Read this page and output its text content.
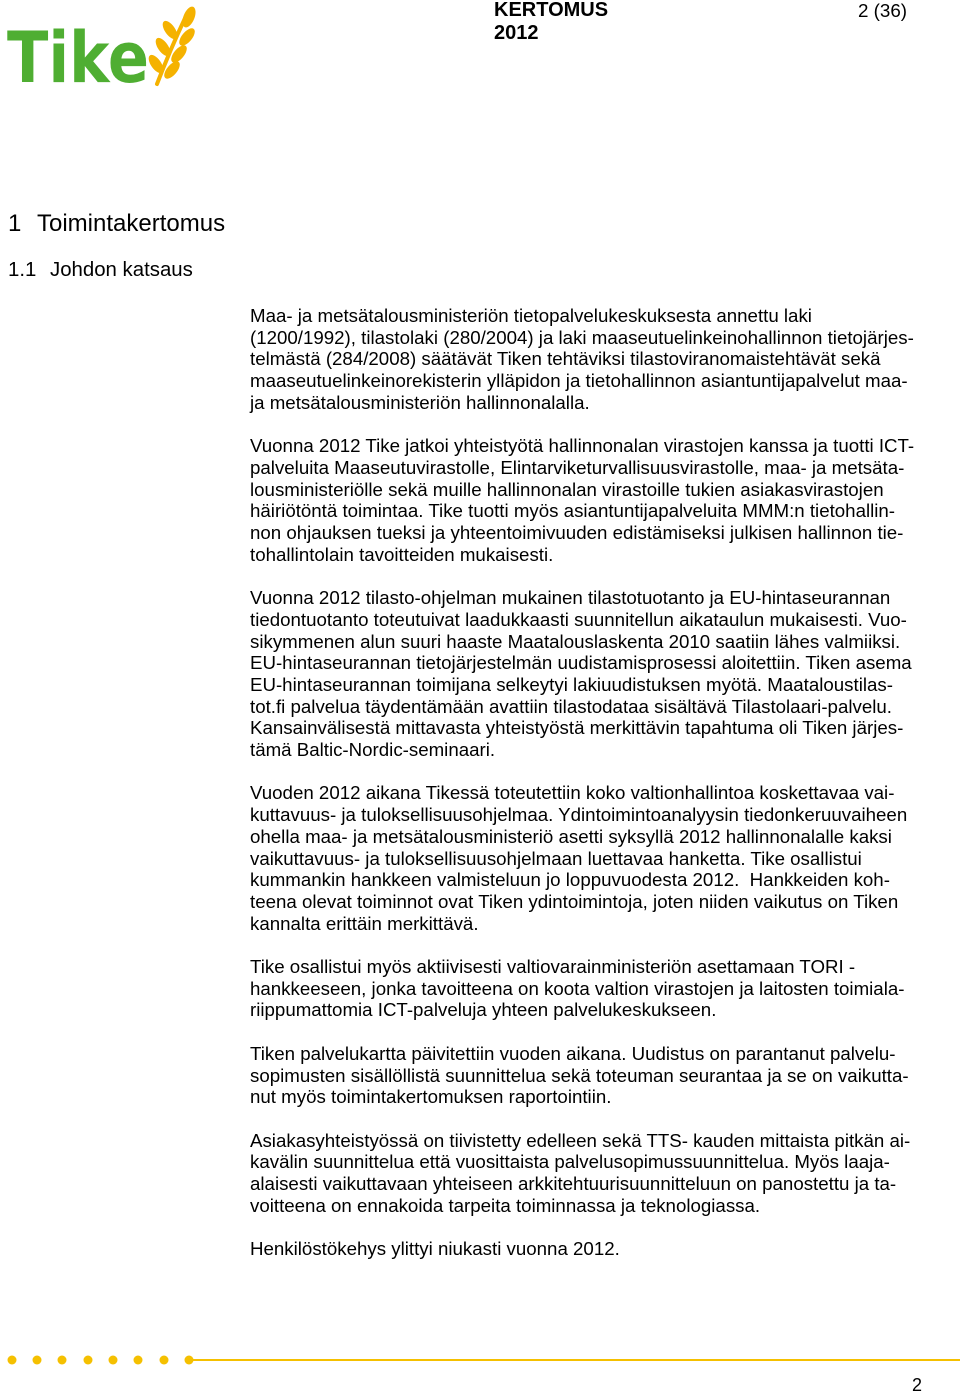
Tike
KERTOMUS
2012
2 (36)
1 Toimintakertomus
1.1 Johdon katsaus
Maa- ja metsätalousministeriön tietopalvelukeskuksesta annettu laki
(1200/1992), tilastolaki (280/2004) ja laki maaseutuelinkeinohallinnon tietojärjes-
telmästä (284/2008) säätävät Tiken tehtäviksi tilastoviranomaistehtävät sekä
maaseutuelinkeinorekisterin ylläpidon ja tietohallinnon asiantuntijapalvelut maa-
ja metsätalousministeriön hallinnonalalla.
Vuonna 2012 Tike jatkoi yhteistyötä hallinnonalan virastojen kanssa ja tuotti ICT-
palveluita Maaseutuvirastolle, Elintarviketurvallisuusvirastolle, maa- ja metsäta-
lousministeriölle sekä muille hallinnonalan virastoille tukien asiakasvirastojen
häiriötöntä toimintaa. Tike tuotti myös asiantuntijapalveluita MMM:n tietohallin-
non ohjauksen tueksi ja yhteentoimivuuden edistämiseksi julkisen hallinnon tie-
tohallintolain tavoitteiden mukaisesti.
Vuonna 2012 tilasto-ohjelman mukainen tilastotuotanto ja EU-hintaseurannan
tiedontuotanto toteutuivat laadukkaasti suunnitellun aikataulun mukaisesti. Vuo-
sikymmenen alun suuri haaste Maatalouslaskenta 2010 saatiin lähes valmiiksi.
EU-hintaseurannan tietojärjestelmän uudistamisprosessi aloitettiin. Tiken asema
EU-hintaseurannan toimijana selkeytyi lakiuudistuksen myötä. Maataloustilas-
tot.fi palvelua täydentämään avattiin tilastodataa sisältävä Tilastolaari-palvelu.
Kansainvälisestä mittavasta yhteistyöstä merkittävin tapahtuma oli Tiken järjes-
tämä Baltic-Nordic-seminaari.
Vuoden 2012 aikana Tikessä toteutettiin koko valtionhallintoa koskettavaa vai-
kuttavuus- ja tuloksellisuusohjelmaa. Ydintoimintoanalyysin tiedonkeruuvaiheen
ohella maa- ja metsätalousministeriö asetti syksyllä 2012 hallinnonalalle kaksi
vaikuttavuus- ja tuloksellisuusohjelmaan luettavaa hanketta. Tike osallistui
kummankin hankkeen valmisteluun jo loppuvuodesta 2012.  Hankkeiden koh-
teena olevat toiminnot ovat Tiken ydintoimintoja, joten niiden vaikutus on Tiken
kannalta erittäin merkittävä.
Tike osallistui myös aktiivisesti valtiovarainministeriön asettamaan TORI -
hankkeeseen, jonka tavoitteena on koota valtion virastojen ja laitosten toimiala-
riippumattomia ICT-palveluja yhteen palvelukeskukseen.
Tiken palvelukartta päivitettiin vuoden aikana. Uudistus on parantanut palvelu-
sopimusten sisällöllistä suunnittelua sekä toteuman seurantaa ja se on vaikutta-
nut myös toimintakertomuksen raportointiin.
Asiakasyhteistyössä on tiivistetty edelleen sekä TTS- kauden mittaista pitkän ai-
kavälin suunnittelua että vuosittaista palvelusopimussuunnittelua. Myös laaja-
alaisesti vaikuttavaan yhteiseen arkkitehtuurisuunnitteluun on panostettu ja ta-
voitteena on ennakoida tarpeita toiminnassa ja teknologiassa.
Henkilöstökehys ylittyi niukasti vuonna 2012.
2
